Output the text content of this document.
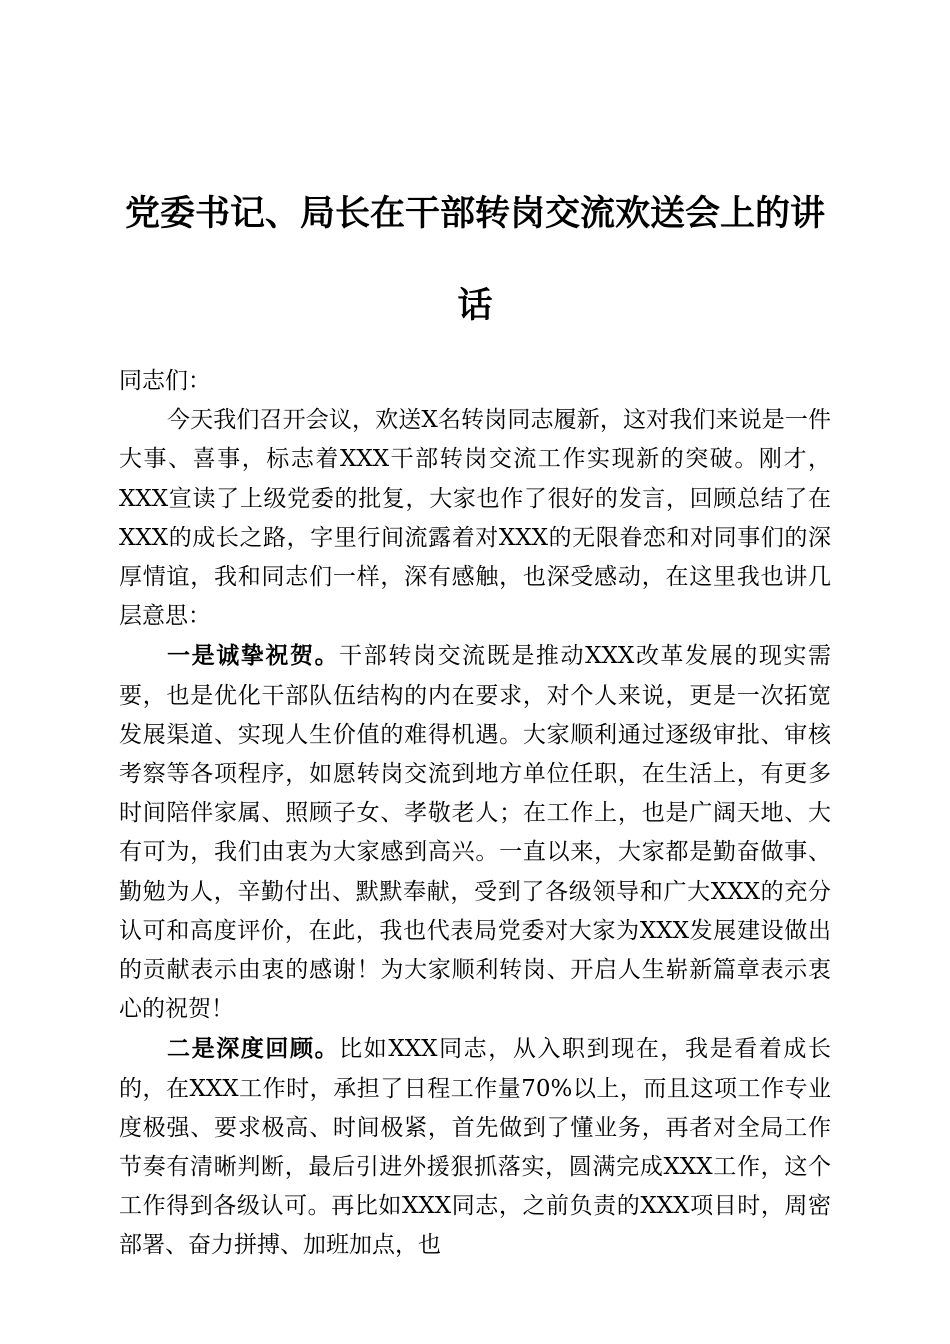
党委书记、局长在干部转岗交流欢送会上的讲话

同志们：

今天我们召开会议，欢送X名转岗同志履新，这对我们来说是一件大事、喜事，标志着XXX干部转岗交流工作实现新的突破。刚才，XXX宣读了上级党委的批复，大家也作了很好的发言，回顾总结了在XXX的成长之路，字里行间流露着对XXX的无限眷恋和对同事们的深厚情谊，我和同志们一样，深有感触，也深受感动，在这里我也讲几层意思：

一是诚挚祝贺。干部转岗交流既是推动XXX改革发展的现实需要，也是优化干部队伍结构的内在要求，对个人来说，更是一次拓宽发展渠道、实现人生价值的难得机遇。大家顺利通过逐级审批、审核考察等各项程序，如愿转岗交流到地方单位任职，在生活上，有更多时间陪伴家属、照顾子女、孝敬老人；在工作上，也是广阔天地、大有可为，我们由衷为大家感到高兴。一直以来，大家都是勤奋做事、勤勉为人，辛勤付出、默默奉献，受到了各级领导和广大XXX的充分认可和高度评价，在此，我也代表局党委对大家为XXX发展建设做出的贡献表示由衷的感谢！为大家顺利转岗、开启人生崭新篇章表示衷心的祝贺！

二是深度回顾。比如XXX同志，从入职到现在，我是看着成长的，在XXX工作时，承担了日程工作量70%以上，而且这项工作专业度极强、要求极高、时间极紧，首先做到了懂业务，再者对全局工作节奏有清晰判断，最后引进外援狠抓落实，圆满完成XXX工作，这个工作得到各级认可。再比如XXX同志，之前负责的XXX项目时，周密部署、奋力拼搏、加班加点，也
